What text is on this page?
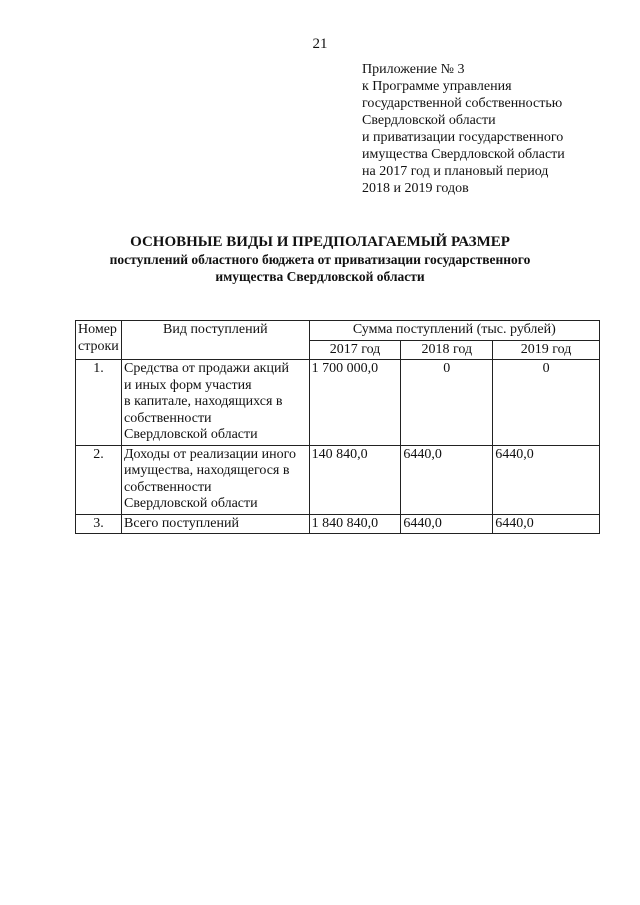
21
Приложение № 3
к Программе управления
государственной собственностью
Свердловской области
и приватизации государственного
имущества Свердловской области
на 2017 год и плановый период
2018 и 2019 годов
ОСНОВНЫЕ ВИДЫ И ПРЕДПОЛАГАЕМЫЙ РАЗМЕР
поступлений областного бюджета от приватизации государственного
имущества Свердловской области
Номер
строки	Вид поступлений	Сумма поступлений (тыс. рублей)		
		2017 год	2018 год	2019 год
1.	Средства от продажи акций
и иных форм участия
в капитале, находящихся в
собственности
Свердловской области	1 700 000,0	0	0
2.	Доходы от реализации иного
имущества, находящегося в
собственности
Свердловской области	140 840,0	6440,0	6440,0
3.	Всего поступлений	1 840 840,0	6440,0	6440,0
